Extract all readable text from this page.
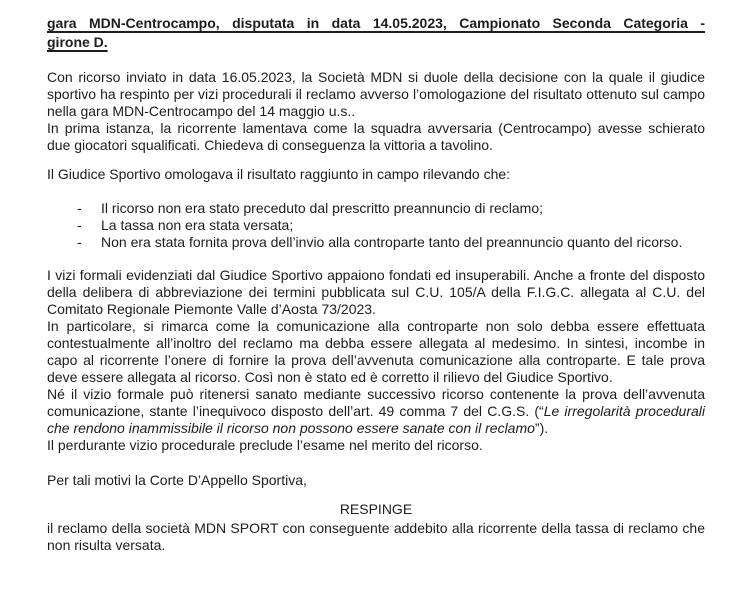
gara MDN-Centrocampo, disputata in data 14.05.2023, Campionato Seconda Categoria -
girone D.

Con ricorso inviato in data 16.05.2023, la Società MDN si duole della decisione con la quale il giudice sportivo ha respinto per vizi procedurali il reclamo avverso l’omologazione del risultato ottenuto sul campo nella gara MDN-Centrocampo del 14 maggio u.s..

In prima istanza, la ricorrente lamentava come la squadra avversaria (Centrocampo) avesse schierato due giocatori squalificati. Chiedeva di conseguenza la vittoria a tavolino.

Il Giudice Sportivo omologava il risultato raggiunto in campo rilevando che:

-	Il ricorso non era stato preceduto dal prescritto preannuncio di reclamo;
-	La tassa non era stata versata;
-	Non era stata fornita prova dell’invio alla controparte tanto del preannuncio quanto del ricorso.

I vizi formali evidenziati dal Giudice Sportivo appaiono fondati ed insuperabili. Anche a fronte del disposto della delibera di abbreviazione dei termini pubblicata sul C.U. 105/A della F.I.G.C. allegata al C.U. del Comitato Regionale Piemonte Valle d’Aosta 73/2023.

In particolare, si rimarca come la comunicazione alla controparte non solo debba essere effettuata contestualmente all’inoltro del reclamo ma debba essere allegata al medesimo. In sintesi, incombe in capo al ricorrente l’onere di fornire la prova dell’avvenuta comunicazione alla controparte. E tale prova deve essere allegata al ricorso. Così non è stato ed è corretto il rilievo del Giudice Sportivo.

Né il vizio formale può ritenersi sanato mediante successivo ricorso contenente la prova dell’avvenuta comunicazione, stante l’inequivoco disposto dell’art. 49 comma 7 del C.G.S. (“Le irregolarità procedurali che rendono inammissibile il ricorso non possono essere sanate con il reclamo”).

Il perdurante vizio procedurale preclude l’esame nel merito del ricorso.

Per tali motivi la Corte D’Appello Sportiva,

RESPINGE

il reclamo della società MDN SPORT con conseguente addebito alla ricorrente della tassa di reclamo che non risulta versata.
